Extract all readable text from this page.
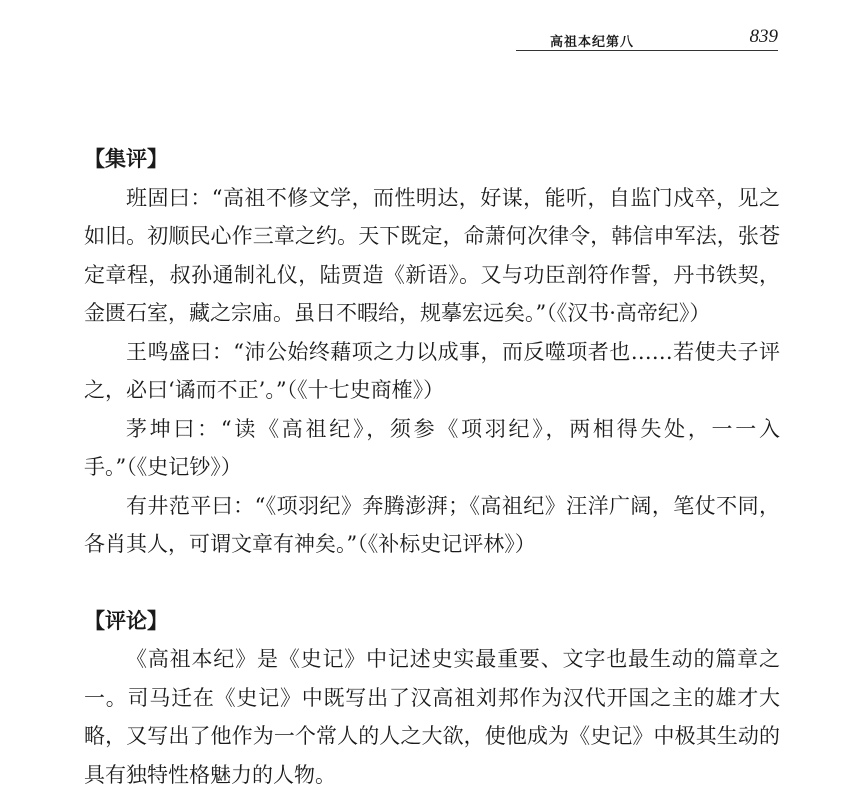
高祖本纪第八	839

【集评】

班固曰：“高祖不修文学，而性明达，好谋，能听，自监门戍卒，见之如旧。初顺民心作三章之约。天下既定，命萧何次律令，韩信申军法，张苍定章程，叔孙通制礼仪，陆贾造《新语》。又与功臣剖符作誓，丹书铁契，金匮石室，藏之宗庙。虽日不暇给，规摹宏远矣。”（《汉书·高帝纪》）

王鸣盛曰：“沛公始终藉项之力以成事，而反噬项者也……若使夫子评之，必曰‘谲而不正’。”（《十七史商榷》）

茅坤曰：“读《高祖纪》，须参《项羽纪》，两相得失处，一一入手。”（《史记钞》）

有井范平曰：“《项羽纪》奔腾澎湃；《高祖纪》汪洋广阔，笔仗不同，各肖其人，可谓文章有神矣。”（《补标史记评林》）

【评论】

《高祖本纪》是《史记》中记述史实最重要、文字也最生动的篇章之一。司马迁在《史记》中既写出了汉高祖刘邦作为汉代开国之主的雄才大略，又写出了他作为一个常人的人之大欲，使他成为《史记》中极其生动的具有独特性格魅力的人物。
